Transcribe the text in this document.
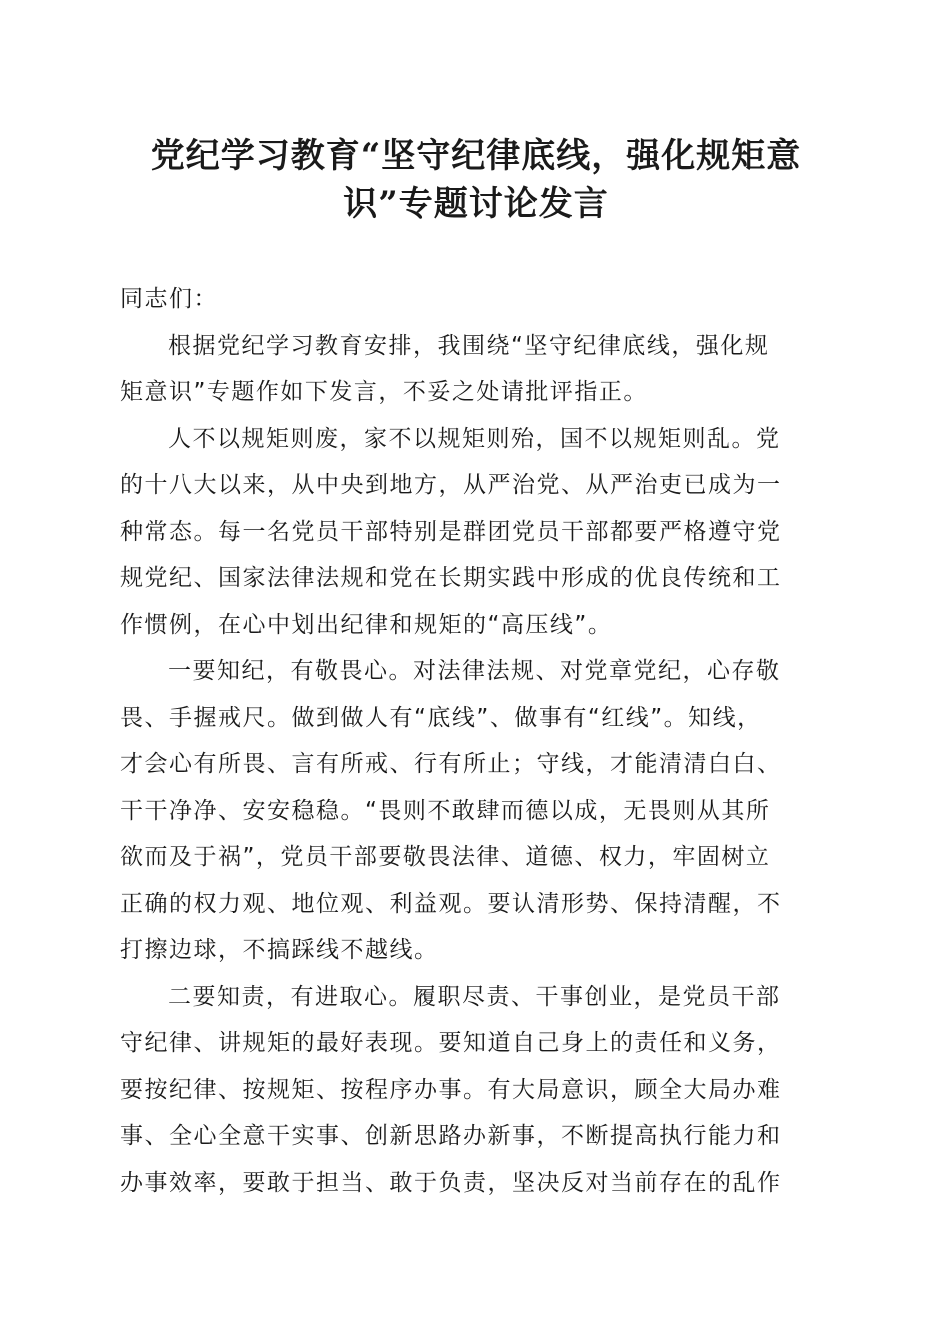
党纪学习教育“坚守纪律底线，强化规矩意
识”专题讨论发言

同志们：

根据党纪学习教育安排，我围绕“坚守纪律底线，强化规
矩意识”专题作如下发言，不妥之处请批评指正。

人不以规矩则废，家不以规矩则殆，国不以规矩则乱。党
的十八大以来，从中央到地方，从严治党、从严治吏已成为一
种常态。每一名党员干部特别是群团党员干部都要严格遵守党
规党纪、国家法律法规和党在长期实践中形成的优良传统和工
作惯例，在心中划出纪律和规矩的“高压线”。

一要知纪，有敬畏心。对法律法规、对党章党纪，心存敬
畏、手握戒尺。做到做人有“底线”、做事有“红线”。知线，
才会心有所畏、言有所戒、行有所止；守线，才能清清白白、
干干净净、安安稳稳。“畏则不敢肆而德以成，无畏则从其所
欲而及于祸”，党员干部要敬畏法律、道德、权力，牢固树立
正确的权力观、地位观、利益观。要认清形势、保持清醒，不
打擦边球，不搞踩线不越线。

二要知责，有进取心。履职尽责、干事创业，是党员干部
守纪律、讲规矩的最好表现。要知道自己身上的责任和义务，
要按纪律、按规矩、按程序办事。有大局意识，顾全大局办难
事、全心全意干实事、创新思路办新事，不断提高执行能力和
办事效率，要敢于担当、敢于负责，坚决反对当前存在的乱作
